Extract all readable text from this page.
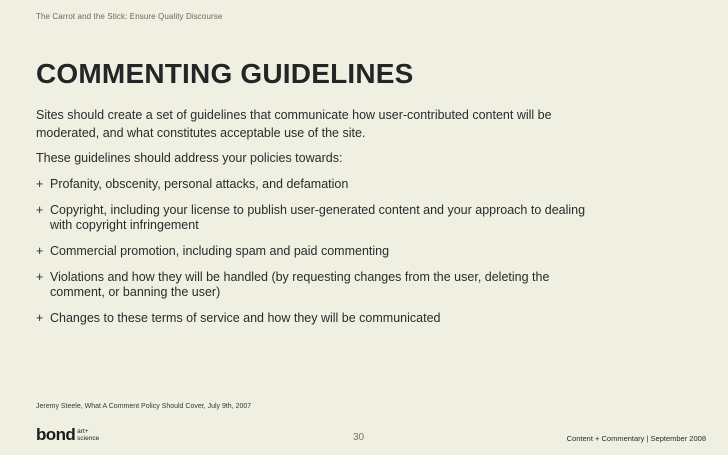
The Carrot and the Stick: Ensure Quality Discourse
COMMENTING GUIDELINES

Sites should create a set of guidelines that communicate how user-contributed content will be moderated, and what constitutes acceptable use of the site.

These guidelines should address your policies towards:

+ Profanity, obscenity, personal attacks, and defamation
+ Copyright, including your license to publish user-generated content and your approach to dealing with copyright infringement
+ Commercial promotion, including spam and paid commenting
+ Violations and how they will be handled (by requesting changes from the user, deleting the comment, or banning the user)
+ Changes to these terms of service and how they will be communicated
Jeremy Steele, What A Comment Policy Should Cover, July 9th, 2007
bond art+
science	30	Content + Commentary | September 2008
